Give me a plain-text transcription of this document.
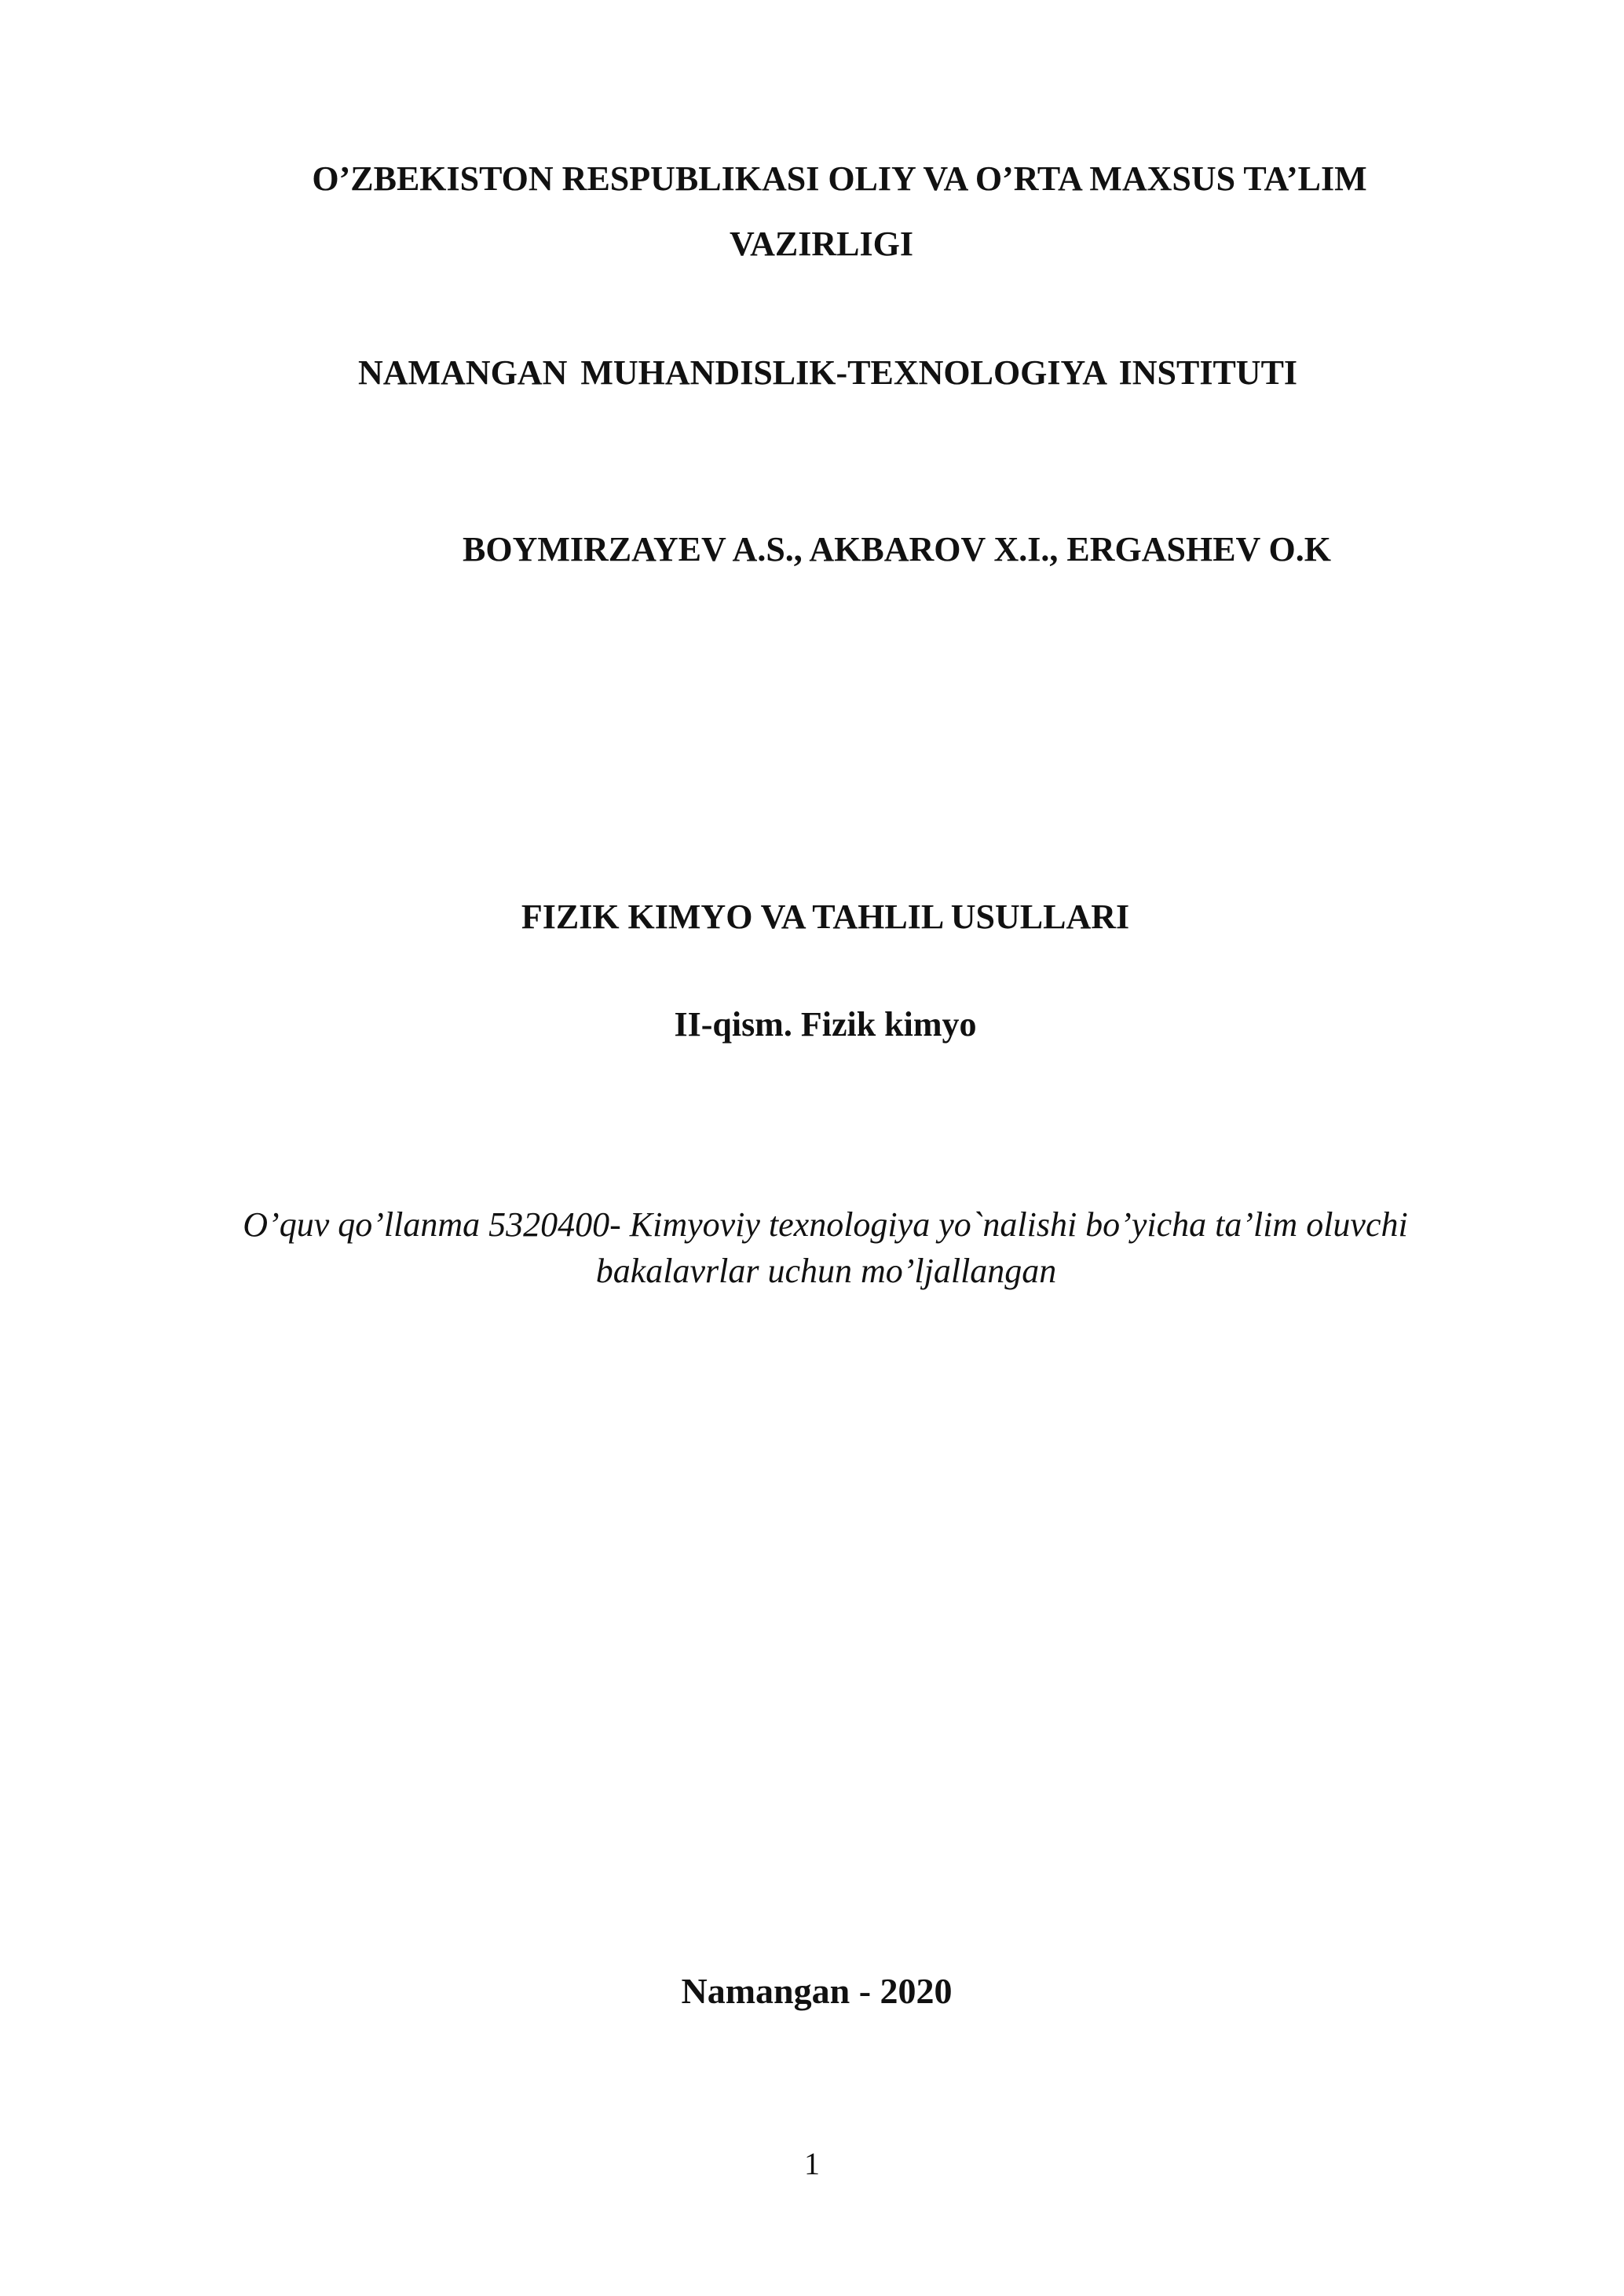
O’ZBEKISTON RESPUBLIKASI OLIY VA O’RTA MAXSUS TA’LIM
VAZIRLIGI
NAMANGAN MUHANDISLIK-TEXNOLOGIYA INSTITUTI
BOYMIRZAYEV A.S., AKBAROV X.I., ERGASHEV O.K
FIZIK KIMYO VA TAHLIL USULLARI
II-qism. Fizik kimyo
O’quv qo’llanma 5320400- Kimyoviy texnologiya yo`nalishi bo’yicha ta’lim oluvchi
bakalavrlar uchun mo’ljallangan
Namangan - 2020
1
